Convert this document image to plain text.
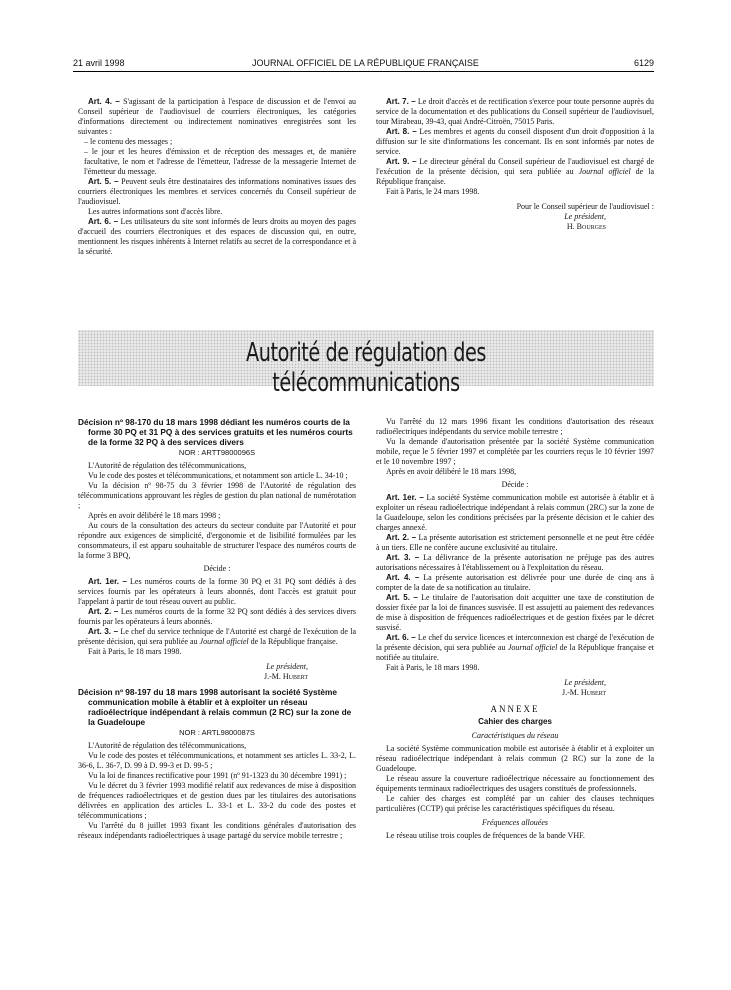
21 avril 1998	JOURNAL OFFICIEL DE LA RÉPUBLIQUE FRANÇAISE	6129

Art. 4. – S'agissant de la participation à l'espace de discussion et de l'envoi au Conseil supérieur de l'audiovisuel de courriers électroniques, les catégories d'informations directement ou indirectement nominatives enregistrées sont les suivantes :

– le contenu des messages ;

– le jour et les heures d'émission et de réception des messages et, de manière facultative, le nom et l'adresse de l'émetteur, l'adresse de la messagerie Internet de l'émetteur du message.

Art. 5. – Peuvent seuls être destinataires des informations nominatives issues des courriers électroniques les membres et services concernés du Conseil supérieur de l'audiovisuel.

Les autres informations sont d'accès libre.

Art. 6. – Les utilisateurs du site sont informés de leurs droits au moyen des pages d'accueil des courriers électroniques et des espaces de discussion qui, en outre, mentionnent les risques inhérents à Internet relatifs au secret de la correspondance et à la sécurité.

Art. 7. – Le droit d'accès et de rectification s'exerce pour toute personne auprès du service de la documentation et des publications du Conseil supérieur de l'audiovisuel, tour Mirabeau, 39-43, quai André-Citroën, 75015 Paris.

Art. 8. – Les membres et agents du conseil disposent d'un droit d'opposition à la diffusion sur le site d'informations les concernant. Ils en sont informés par notes de service.

Art. 9. – Le directeur général du Conseil supérieur de l'audiovisuel est chargé de l'exécution de la présente décision, qui sera publiée au Journal officiel de la République française.

Fait à Paris, le 24 mars 1998.

Pour le Conseil supérieur de l'audiovisuel :

Le président,

H. Bourges

Autorité de régulation des télécommunications

Décision nº 98-170 du 18 mars 1998 dédiant les numéros courts de la forme 30 PQ et 31 PQ à des services gratuits et les numéros courts de la forme 32 PQ à des services divers

NOR : ARTT9800096S

L'Autorité de régulation des télécommunications,

Vu le code des postes et télécommunications, et notamment son article L. 34-10 ;

Vu la décision nº 98-75 du 3 février 1998 de l'Autorité de régulation des télécommunications approuvant les règles de gestion du plan national de numérotation ;

Après en avoir délibéré le 18 mars 1998 ;

Au cours de la consultation des acteurs du secteur conduite par l'Autorité et pour répondre aux exigences de simplicité, d'ergonomie et de lisibilité formulées par les consommateurs, il est apparu souhaitable de structurer l'espace des numéros courts de la forme 3 BPQ,

Décide :

Art. 1er. – Les numéros courts de la forme 30 PQ et 31 PQ sont dédiés à des services fournis par les opérateurs à leurs abonnés, dont l'accès est gratuit pour l'appelant à partir de tout réseau ouvert au public.

Art. 2. – Les numéros courts de la forme 32 PQ sont dédiés à des services divers fournis par les opérateurs à leurs abonnés.

Art. 3. – Le chef du service technique de l'Autorité est chargé de l'exécution de la présente décision, qui sera publiée au Journal officiel de la République française.

Fait à Paris, le 18 mars 1998.

Le président,

J.-M. Hubert

Décision nº 98-197 du 18 mars 1998 autorisant la société Système communication mobile à établir et à exploiter un réseau radioélectrique indépendant à relais commun (2 RC) sur la zone de la Guadeloupe

NOR : ARTL9800087S

L'Autorité de régulation des télécommunications,

Vu le code des postes et télécommunications, et notamment ses articles L. 33-2, L. 36-6, L. 36-7, D. 99 à D. 99-3 et D. 99-5 ;

Vu la loi de finances rectificative pour 1991 (nº 91-1323 du 30 décembre 1991) ;

Vu le décret du 3 février 1993 modifié relatif aux redevances de mise à disposition de fréquences radioélectriques et de gestion dues par les titulaires des autorisations délivrées en application des articles L. 33-1 et L. 33-2 du code des postes et télécommunications ;

Vu l'arrêté du 8 juillet 1993 fixant les conditions générales d'autorisation des réseaux indépendants radioélectriques à usage partagé du service mobile terrestre ;

Vu l'arrêté du 12 mars 1996 fixant les conditions d'autorisation des réseaux radioélectriques indépendants du service mobile terrestre ;

Vu la demande d'autorisation présentée par la société Système communication mobile, reçue le 5 février 1997 et complétée par les courriers reçus le 10 février 1997 et le 10 novembre 1997 ;

Après en avoir délibéré le 18 mars 1998,

Décide :

Art. 1er. – La société Système communication mobile est autorisée à établir et à exploiter un réseau radioélectrique indépendant à relais commun (2RC) sur la zone de la Guadeloupe, selon les conditions précisées par la présente décision et le cahier des charges annexé.

Art. 2. – La présente autorisation est strictement personnelle et ne peut être cédée à un tiers. Elle ne confère aucune exclusivité au titulaire.

Art. 3. – La délivrance de la présente autorisation ne préjuge pas des autres autorisations nécessaires à l'établissement ou à l'exploitation du réseau.

Art. 4. – La présente autorisation est délivrée pour une durée de cinq ans à compter de la date de sa notification au titulaire.

Art. 5. – Le titulaire de l'autorisation doit acquitter une taxe de constitution de dossier fixée par la loi de finances susvisée. Il est assujetti au paiement des redevances de mise à disposition de fréquences radioélectriques et de gestion fixées par le décret susvisé.

Art. 6. – Le chef du service licences et interconnexion est chargé de l'exécution de la présente décision, qui sera publiée au Journal officiel de la République française et notifiée au titulaire.

Fait à Paris, le 18 mars 1998.

Le président,

J.-M. Hubert

ANNEXE

Cahier des charges

Caractéristiques du réseau

La société Système communication mobile est autorisée à établir et à exploiter un réseau radioélectrique indépendant à relais commun (2 RC) sur la zone de la Guadeloupe.

Le réseau assure la couverture radioélectrique nécessaire au fonctionnement des équipements terminaux radioélectriques des usagers constitués de professionnels.

Le cahier des charges est complété par un cahier des clauses techniques particulières (CCTP) qui précise les caractéristiques spécifiques du réseau.

Fréquences allouées

Le réseau utilise trois couples de fréquences de la bande VHF.
